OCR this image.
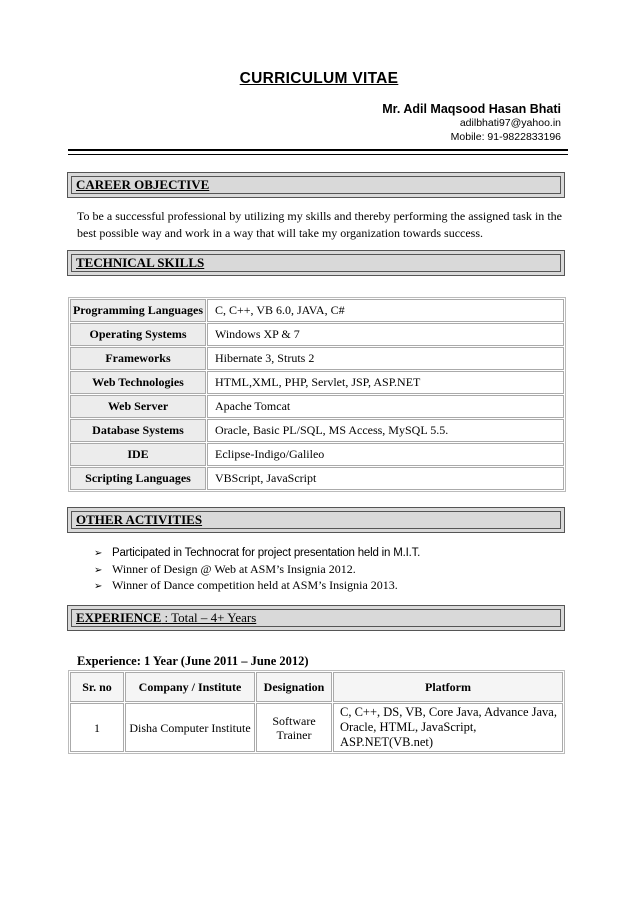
CURRICULUM VITAE
Mr. Adil Maqsood Hasan Bhati
adilbhati97@yahoo.in
Mobile: 91-9822833196
CAREER OBJECTIVE
To be a successful professional by utilizing my skills and thereby performing the assigned task in the best possible way and work in a way that will take my organization towards success.
TECHNICAL SKILLS
Programming Languages	C, C++, VB 6.0, JAVA, C#
Operating Systems	Windows XP & 7
Frameworks	Hibernate 3, Struts 2
Web Technologies	HTML,XML, PHP, Servlet, JSP, ASP.NET
Web Server	Apache Tomcat
Database Systems	Oracle, Basic PL/SQL, MS Access, MySQL 5.5.
IDE	Eclipse-Indigo/Galileo
Scripting Languages	VBScript, JavaScript
OTHER ACTIVITIES
➢ Participated in Technocrat for project presentation held in M.I.T.
➢ Winner of Design @ Web at ASM’s Insignia 2012.
➢ Winner of Dance competition held at ASM’s Insignia 2013.
EXPERIENCE : Total – 4+ Years
Experience: 1 Year (June 2011 – June 2012)
Sr. no	Company / Institute	Designation	Platform
1	Disha Computer Institute	Software Trainer	C, C++, DS, VB, Core Java, Advance Java, Oracle, HTML, JavaScript, ASP.NET(VB.net)
